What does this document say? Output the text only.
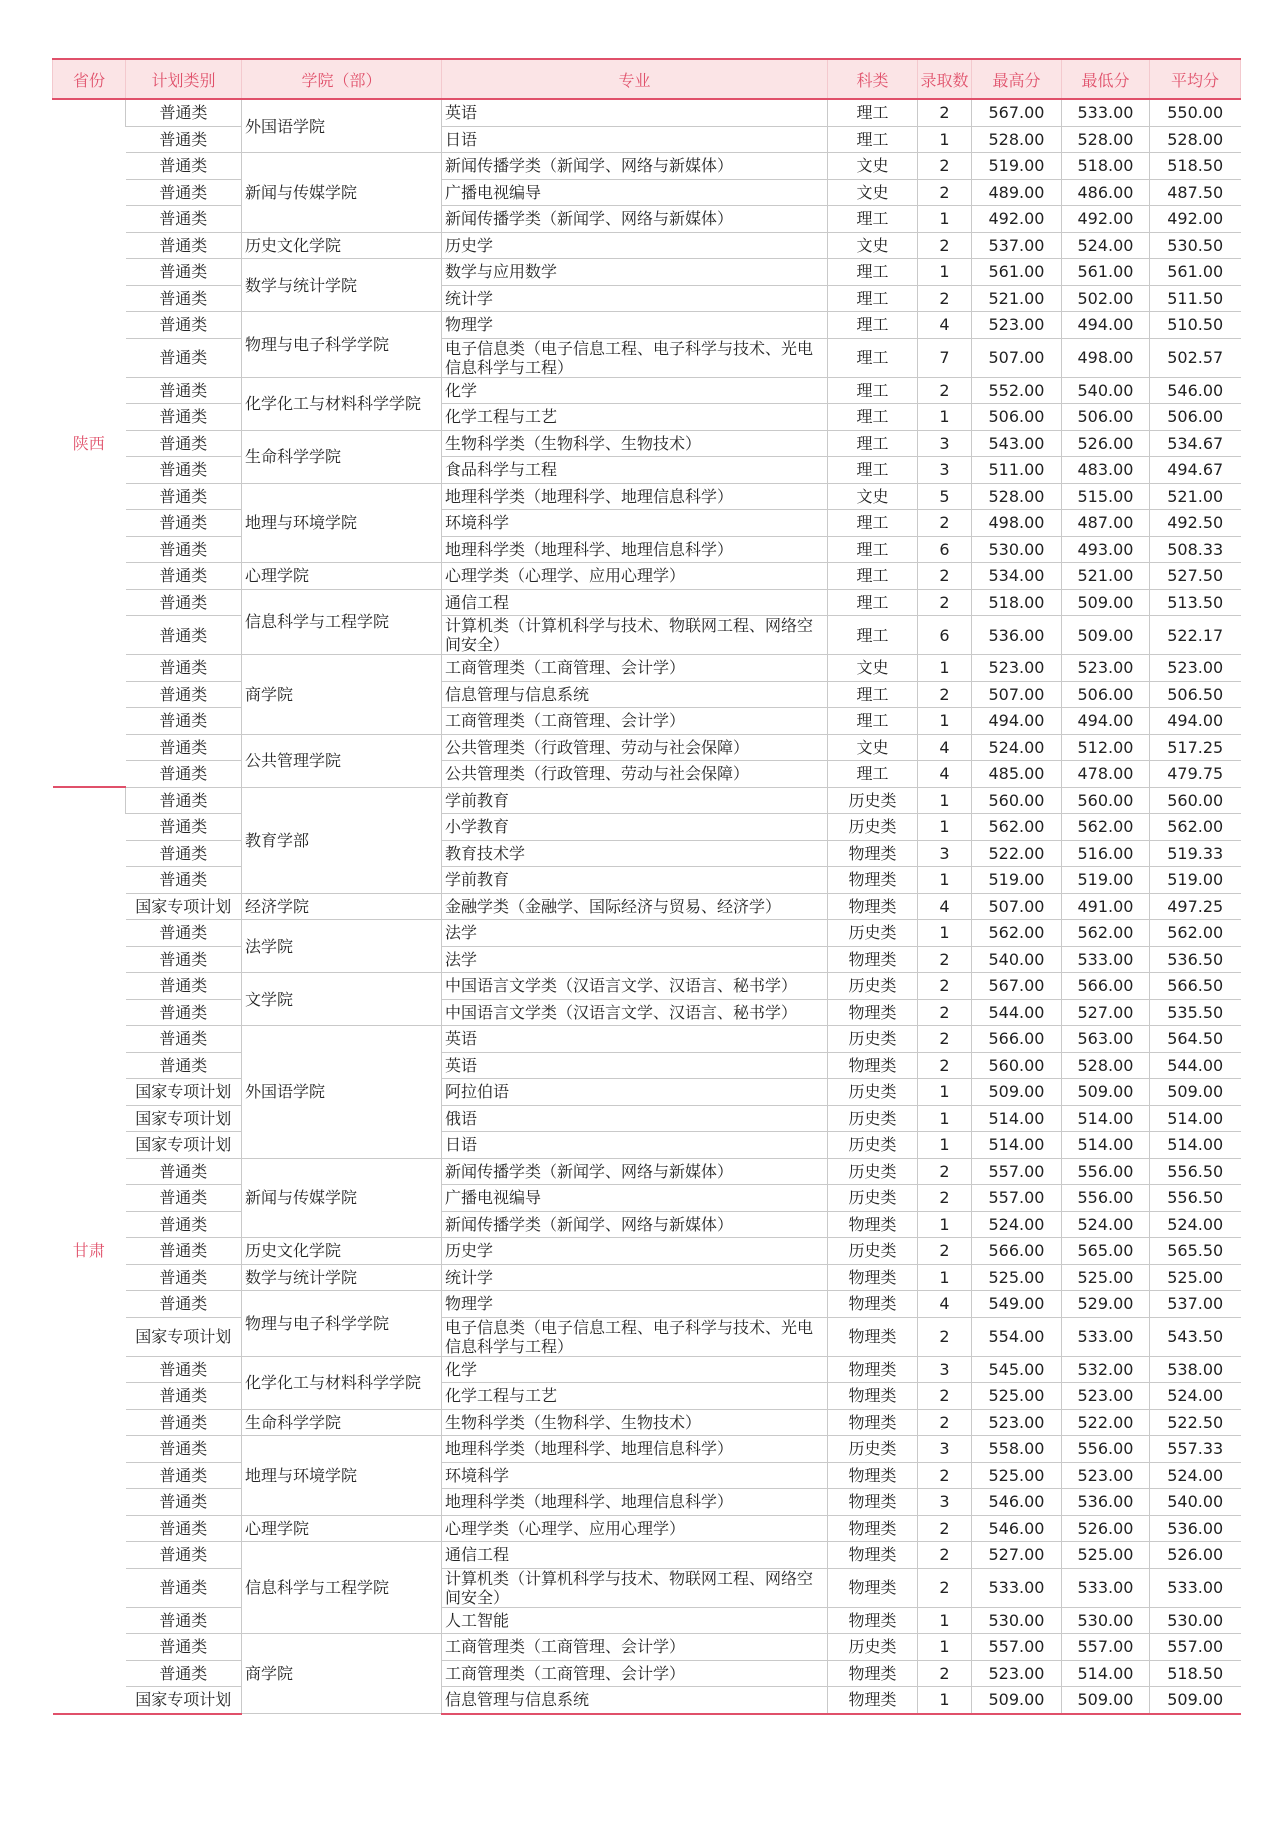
省份	计划类别	学院（部）	专业	科类	录取数	最高分	最低分	平均分
陕西	普通类	外国语学院	英语	理工	2	567.00	533.00	550.00
	普通类		日语	理工	1	528.00	528.00	528.00
	普通类	新闻与传媒学院	新闻传播学类（新闻学、网络与新媒体）	文史	2	519.00	518.00	518.50
	普通类		广播电视编导	文史	2	489.00	486.00	487.50
	普通类		新闻传播学类（新闻学、网络与新媒体）	理工	1	492.00	492.00	492.00
	普通类	历史文化学院	历史学	文史	2	537.00	524.00	530.50
	普通类	数学与统计学院	数学与应用数学	理工	1	561.00	561.00	561.00
	普通类		统计学	理工	2	521.00	502.00	511.50
	普通类	物理与电子科学学院	物理学	理工	4	523.00	494.00	510.50
	普通类		电子信息类（电子信息工程、电子科学与技术、光电信息科学与工程）	理工	7	507.00	498.00	502.57
	普通类	化学化工与材料科学学院	化学	理工	2	552.00	540.00	546.00
	普通类		化学工程与工艺	理工	1	506.00	506.00	506.00
	普通类	生命科学学院	生物科学类（生物科学、生物技术）	理工	3	543.00	526.00	534.67
	普通类		食品科学与工程	理工	3	511.00	483.00	494.67
	普通类	地理与环境学院	地理科学类（地理科学、地理信息科学）	文史	5	528.00	515.00	521.00
	普通类		环境科学	理工	2	498.00	487.00	492.50
	普通类		地理科学类（地理科学、地理信息科学）	理工	6	530.00	493.00	508.33
	普通类	心理学院	心理学类（心理学、应用心理学）	理工	2	534.00	521.00	527.50
	普通类	信息科学与工程学院	通信工程	理工	2	518.00	509.00	513.50
	普通类		计算机类（计算机科学与技术、物联网工程、网络空间安全）	理工	6	536.00	509.00	522.17
	普通类	商学院	工商管理类（工商管理、会计学）	文史	1	523.00	523.00	523.00
	普通类		信息管理与信息系统	理工	2	507.00	506.00	506.50
	普通类		工商管理类（工商管理、会计学）	理工	1	494.00	494.00	494.00
	普通类	公共管理学院	公共管理类（行政管理、劳动与社会保障）	文史	4	524.00	512.00	517.25
	普通类		公共管理类（行政管理、劳动与社会保障）	理工	4	485.00	478.00	479.75
甘肃	普通类	教育学部	学前教育	历史类	1	560.00	560.00	560.00
	普通类		小学教育	历史类	1	562.00	562.00	562.00
	普通类		教育技术学	物理类	3	522.00	516.00	519.33
	普通类		学前教育	物理类	1	519.00	519.00	519.00
	国家专项计划	经济学院	金融学类（金融学、国际经济与贸易、经济学）	物理类	4	507.00	491.00	497.25
	普通类	法学院	法学	历史类	1	562.00	562.00	562.00
	普通类		法学	物理类	2	540.00	533.00	536.50
	普通类	文学院	中国语言文学类（汉语言文学、汉语言、秘书学）	历史类	2	567.00	566.00	566.50
	普通类		中国语言文学类（汉语言文学、汉语言、秘书学）	物理类	2	544.00	527.00	535.50
	普通类	外国语学院	英语	历史类	2	566.00	563.00	564.50
	普通类		英语	物理类	2	560.00	528.00	544.00
	国家专项计划		阿拉伯语	历史类	1	509.00	509.00	509.00
	国家专项计划		俄语	历史类	1	514.00	514.00	514.00
	国家专项计划		日语	历史类	1	514.00	514.00	514.00
	普通类	新闻与传媒学院	新闻传播学类（新闻学、网络与新媒体）	历史类	2	557.00	556.00	556.50
	普通类		广播电视编导	历史类	2	557.00	556.00	556.50
	普通类		新闻传播学类（新闻学、网络与新媒体）	物理类	1	524.00	524.00	524.00
	普通类	历史文化学院	历史学	历史类	2	566.00	565.00	565.50
	普通类	数学与统计学院	统计学	物理类	1	525.00	525.00	525.00
	普通类	物理与电子科学学院	物理学	物理类	4	549.00	529.00	537.00
	国家专项计划		电子信息类（电子信息工程、电子科学与技术、光电信息科学与工程）	物理类	2	554.00	533.00	543.50
	普通类	化学化工与材料科学学院	化学	物理类	3	545.00	532.00	538.00
	普通类		化学工程与工艺	物理类	2	525.00	523.00	524.00
	普通类	生命科学学院	生物科学类（生物科学、生物技术）	物理类	2	523.00	522.00	522.50
	普通类	地理与环境学院	地理科学类（地理科学、地理信息科学）	历史类	3	558.00	556.00	557.33
	普通类		环境科学	物理类	2	525.00	523.00	524.00
	普通类		地理科学类（地理科学、地理信息科学）	物理类	3	546.00	536.00	540.00
	普通类	心理学院	心理学类（心理学、应用心理学）	物理类	2	546.00	526.00	536.00
	普通类	信息科学与工程学院	通信工程	物理类	2	527.00	525.00	526.00
	普通类		计算机类（计算机科学与技术、物联网工程、网络空间安全）	物理类	2	533.00	533.00	533.00
	普通类		人工智能	物理类	1	530.00	530.00	530.00
	普通类	商学院	工商管理类（工商管理、会计学）	历史类	1	557.00	557.00	557.00
	普通类		工商管理类（工商管理、会计学）	物理类	2	523.00	514.00	518.50
	国家专项计划		信息管理与信息系统	物理类	1	509.00	509.00	509.00
